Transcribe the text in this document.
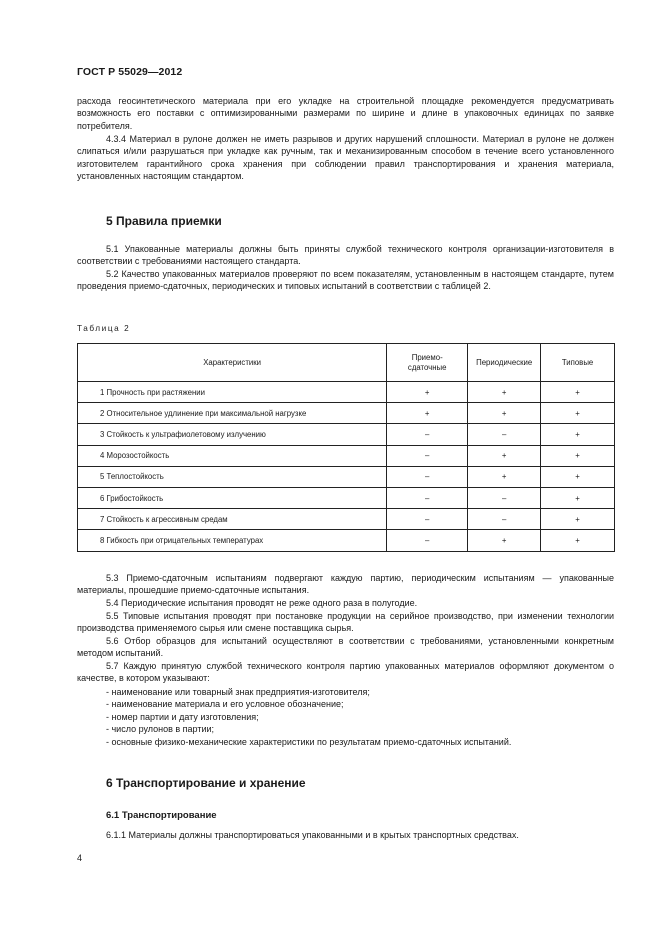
ГОСТ Р 55029—2012

расхода геосинтетического материала при его укладке на строительной площадке рекомендуется предусматривать возможность его поставки с оптимизированными размерами по ширине и длине в упаковочных единицах по заявке потребителя.

4.3.4 Материал в рулоне должен не иметь разрывов и других нарушений сплошности. Материал в рулоне не должен слипаться и/или разрушаться при укладке как ручным, так и механизированным способом в течение всего установленного изготовителем гарантийного срока хранения при соблюдении правил транспортирования и хранения материала, установленных настоящим стандартом.

5 Правила приемки

5.1 Упакованные материалы должны быть приняты службой технического контроля организации-изготовителя в соответствии с требованиями настоящего стандарта.

5.2 Качество упакованных материалов проверяют по всем показателям, установленным в настоящем стандарте, путем проведения приемо-сдаточных, периодических и типовых испытаний в соответствии с таблицей 2.

Таблица 2
Характеристики	Приемо-сдаточные	Периодические	Типовые
1 Прочность при растяжении	+	+	+
2 Относительное удлинение при максимальной нагрузке	+	+	+
3 Стойкость к ультрафиолетовому излучению	–	–	+
4 Морозостойкость	–	+	+
5 Теплостойкость	–	+	+
6 Грибостойкость	–	–	+
7 Стойкость к агрессивным средам	–	–	+
8 Гибкость при отрицательных температурах	–	+	+

5.3 Приемо-сдаточным испытаниям подвергают каждую партию, периодическим испытаниям — упакованные материалы, прошедшие приемо-сдаточные испытания.

5.4 Периодические испытания проводят не реже одного раза в полугодие.

5.5 Типовые испытания проводят при постановке продукции на серийное производство, при изменении технологии производства применяемого сырья или смене поставщика сырья.

5.6 Отбор образцов для испытаний осуществляют в соответствии с требованиями, установленными конкретным методом испытаний.

5.7 Каждую принятую службой технического контроля партию упакованных материалов оформляют документом о качестве, в котором указывают:

- наименование или товарный знак предприятия-изготовителя;
- наименование материала и его условное обозначение;
- номер партии и дату изготовления;
- число рулонов в партии;
- основные физико-механические характеристики по результатам приемо-сдаточных испытаний.
6 Транспортирование и хранение
6.1 Транспортирование

6.1.1 Материалы должны транспортироваться упакованными и в крытых транспортных средствах.

4
